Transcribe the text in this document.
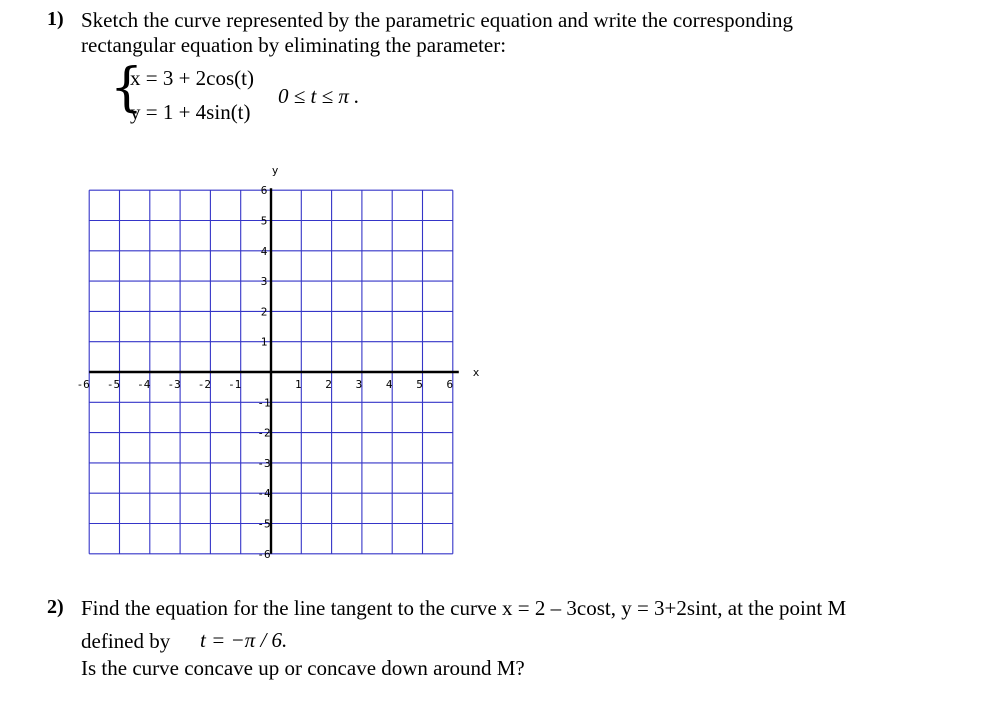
1) Sketch the curve represented by the parametric equation and write the corresponding
rectangular equation by eliminating the parameter:
{
x = 3 + 2cos(t)
y = 1 + 4sin(t)
0 ≤ t ≤ π .
-6 -5 -4 -3 -2 -1	1 2 3 4 5 6
6
5
4
3
2
1
-1
-2
-3
-4
-5
-6
x
y
2) Find the equation for the line tangent to the curve x = 2 – 3cost, y = 3+2sint, at the point M
defined by t = −π / 6.
Is the curve concave up or concave down around M?
